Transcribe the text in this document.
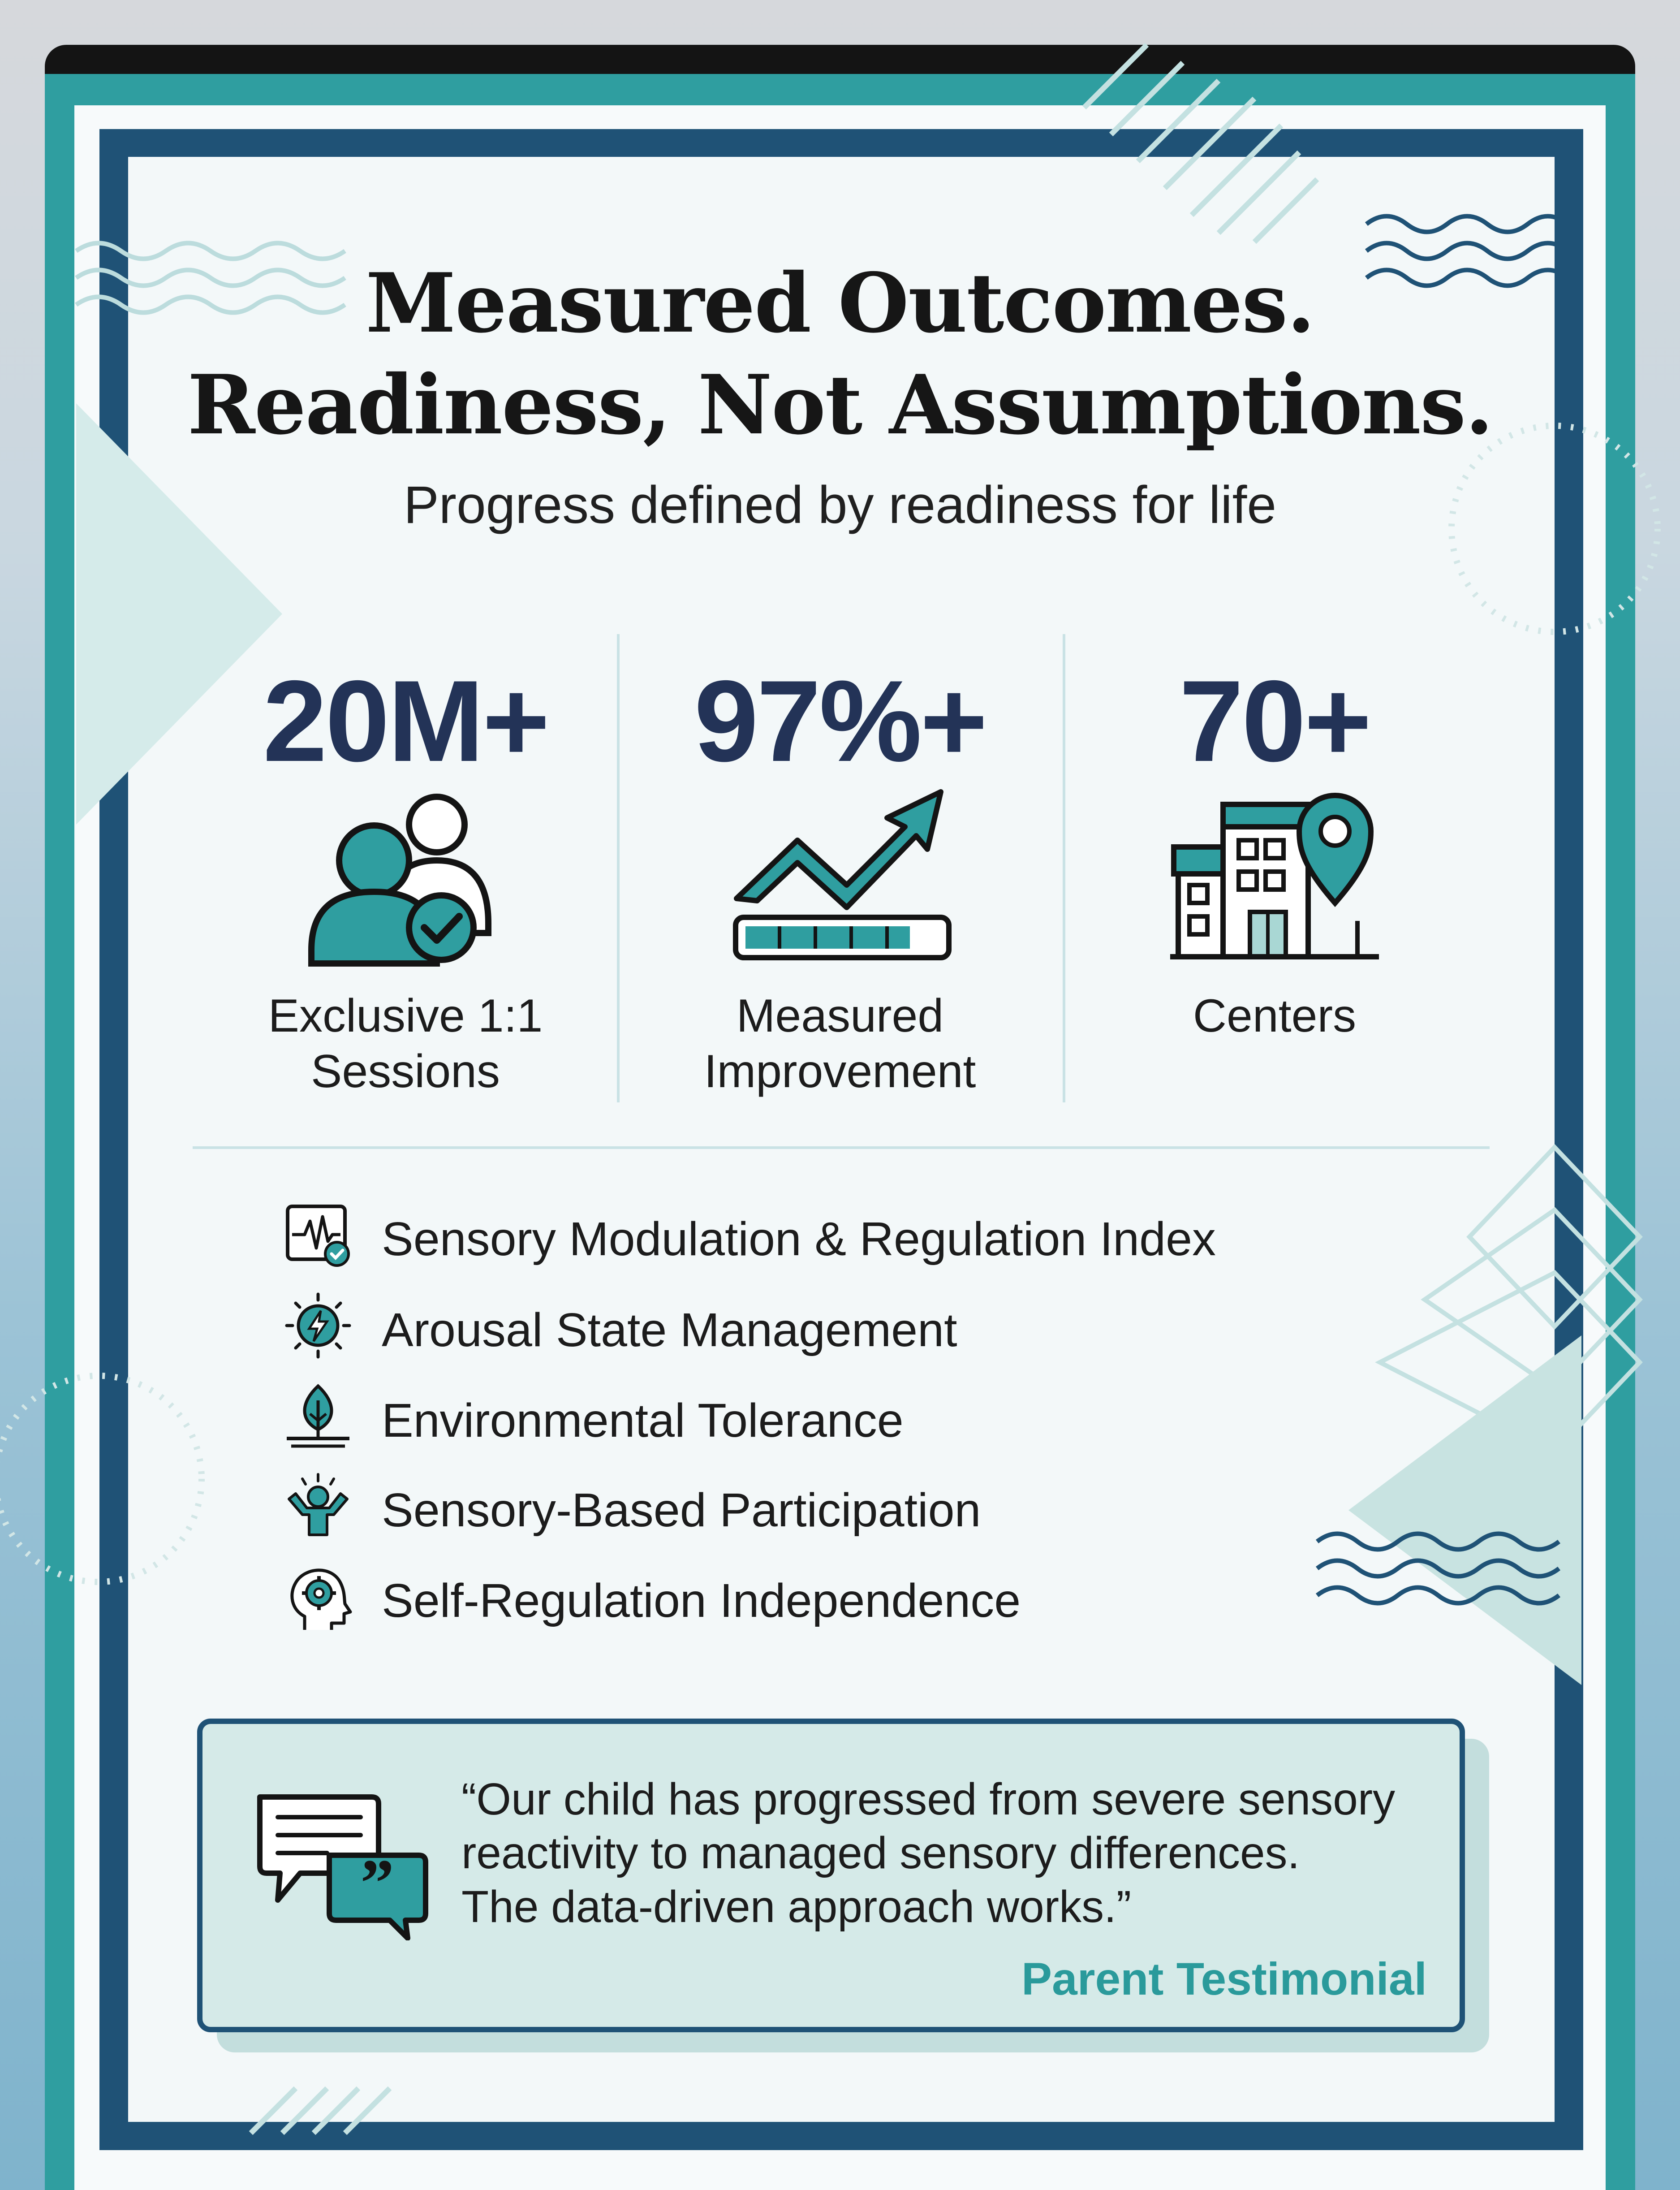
Measured Outcomes.
Readiness, Not Assumptions.
Progress defined by readiness for life
20M+
Exclusive 1:1
Sessions
97%+
Measured
Improvement
70+
Centers
Sensory Modulation & Regulation Index
Arousal State Management
Environmental Tolerance
Sensory-Based Participation
Self-Regulation Independence
”
“Our child has progressed from severe sensory
reactivity to managed sensory differences.
The data-driven approach works.”
Parent Testimonial
